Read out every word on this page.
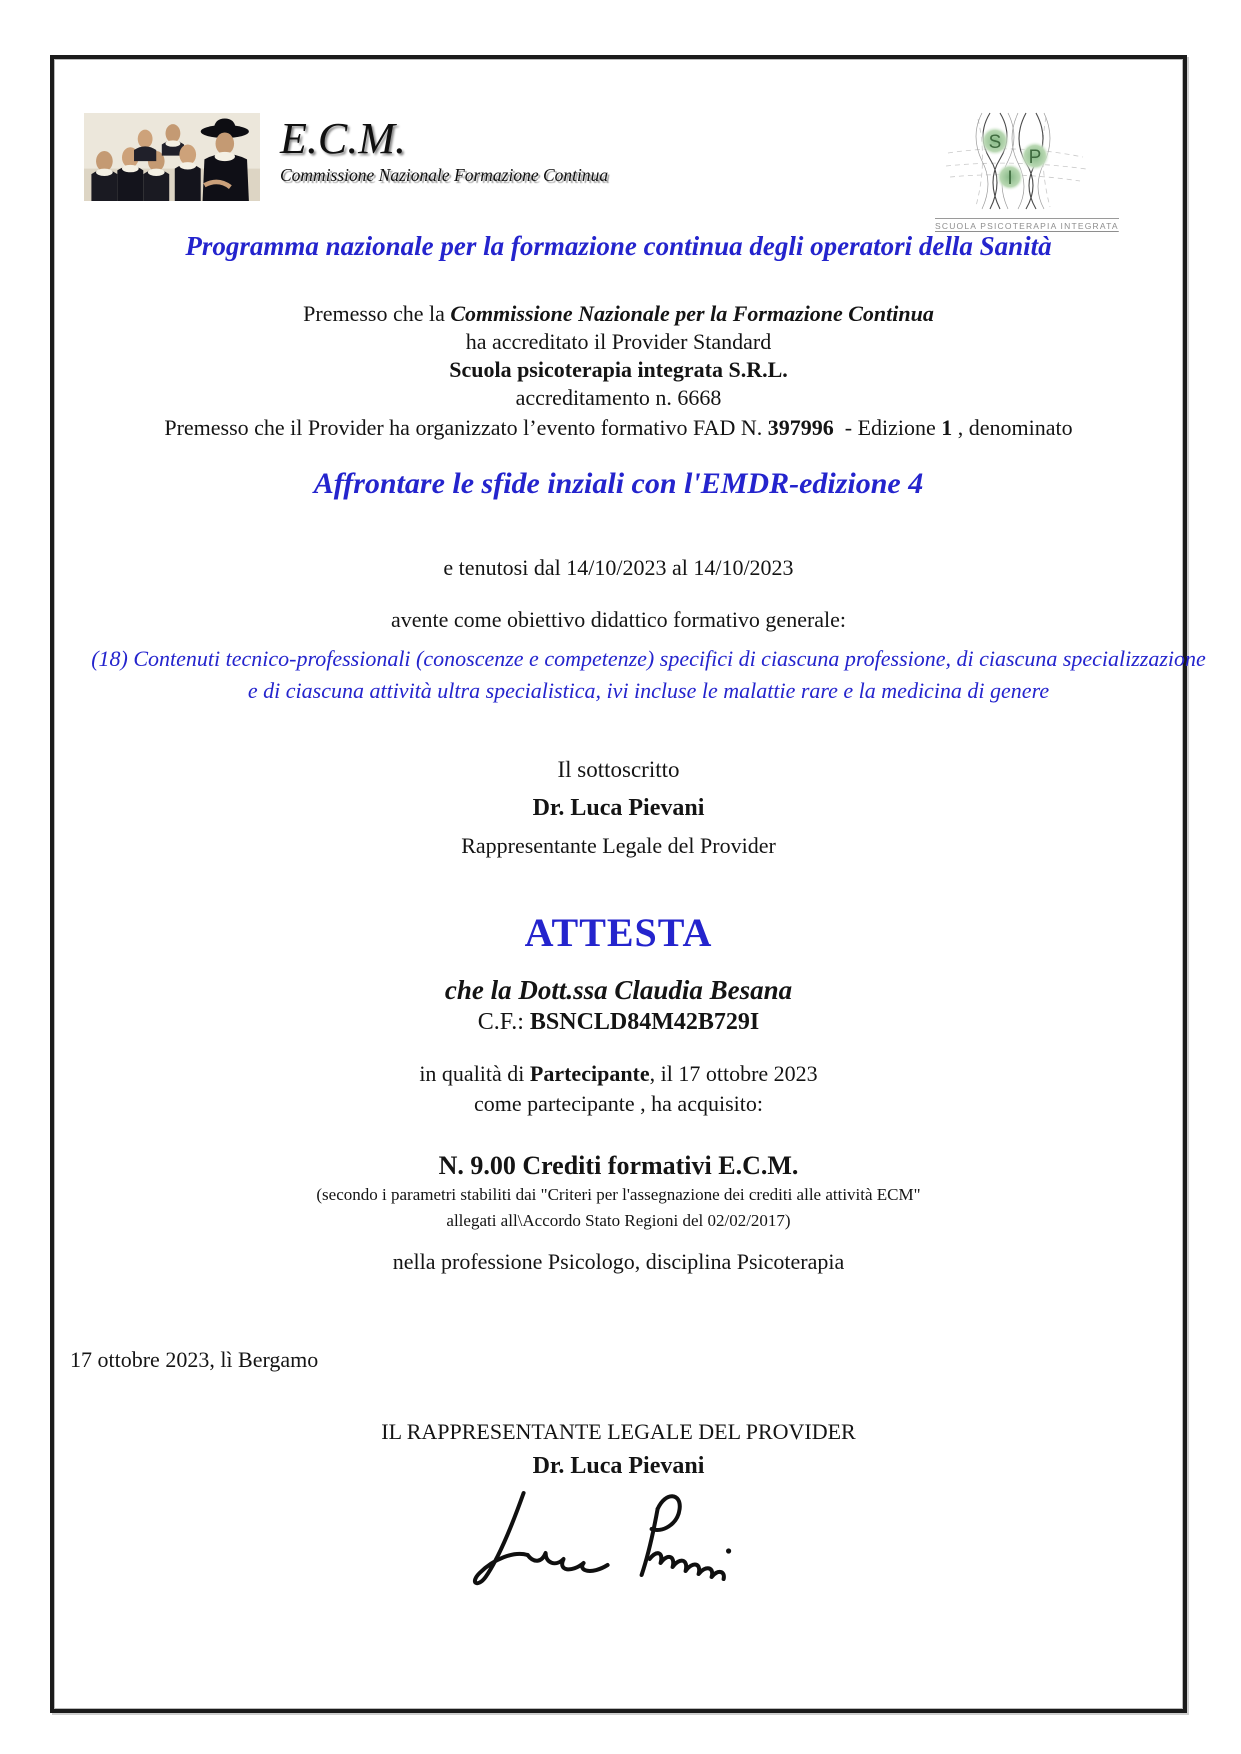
E.C.M.
Commissione Nazionale Formazione Continua
S
P
I
SCUOLA PSICOTERAPIA INTEGRATA
Programma nazionale per la formazione continua degli operatori della Sanità
Premesso che la Commissione Nazionale per la Formazione Continua
ha accreditato il Provider Standard
Scuola psicoterapia integrata S.R.L.
accreditamento n. 6668
Premesso che il Provider ha organizzato l’evento formativo FAD N. 397996  - Edizione 1 , denominato
Affrontare le sfide inziali con l'EMDR-edizione 4
e tenutosi dal 14/10/2023 al 14/10/2023
avente come obiettivo didattico formativo generale:
(18) Contenuti tecnico-professionali (conoscenze e competenze) specifici di ciascuna professione, di ciascuna specializzazione e di ciascuna attività ultra specialistica, ivi incluse le malattie rare e la medicina di genere
Il sottoscritto
Dr. Luca Pievani
Rappresentante Legale del Provider
ATTESTA
che la Dott.ssa Claudia Besana
C.F.: BSNCLD84M42B729I
in qualità di Partecipante, il 17 ottobre 2023
come partecipante , ha acquisito:
N. 9.00 Crediti formativi E.C.M.
(secondo i parametri stabiliti dai "Criteri per l'assegnazione dei crediti alle attività ECM"
allegati all\Accordo Stato Regioni del 02/02/2017)
nella professione Psicologo, disciplina Psicoterapia
17 ottobre 2023, lì Bergamo
IL RAPPRESENTANTE LEGALE DEL PROVIDER
Dr. Luca Pievani
